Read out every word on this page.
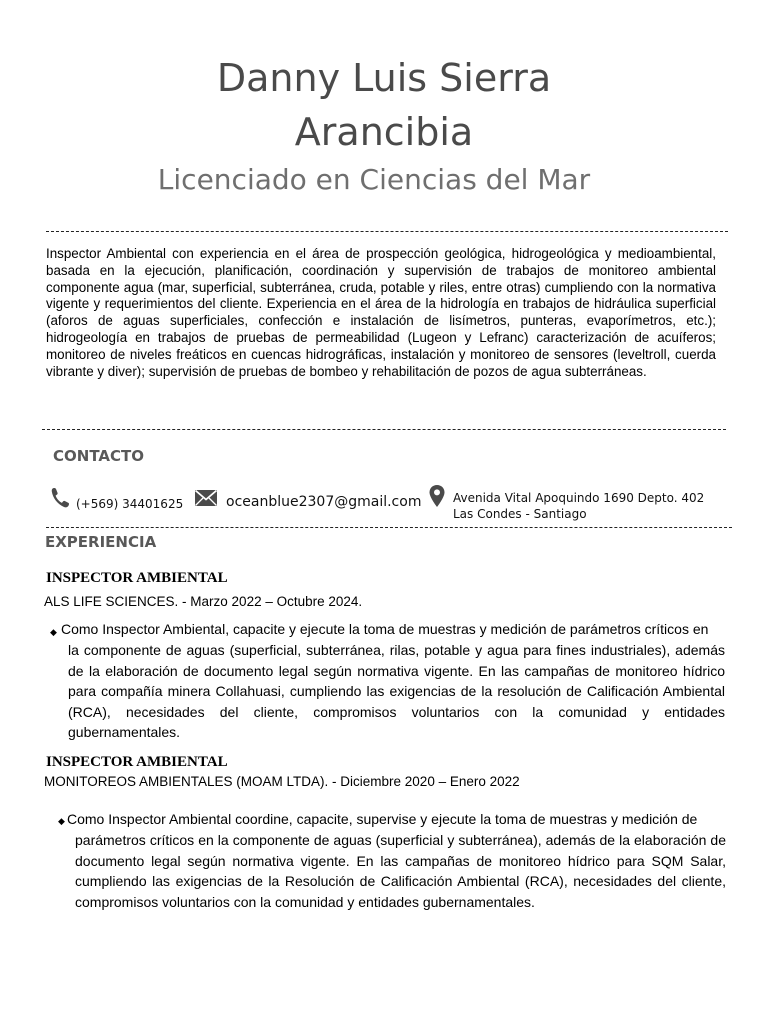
Danny Luis Sierra
Arancibia
Licenciado en Ciencias del Mar
Inspector Ambiental con experiencia en el área de prospección geológica, hidrogeológica y medioambiental, basada en la ejecución, planificación, coordinación y supervisión de trabajos de monitoreo ambiental componente agua (mar, superficial, subterránea, cruda, potable y riles, entre otras) cumpliendo con la normativa vigente y requerimientos del cliente. Experiencia en el área de la hidrología en trabajos de hidráulica superficial (aforos de aguas superficiales, confección e instalación de lisímetros, punteras, evaporímetros, etc.); hidrogeología en trabajos de pruebas de permeabilidad (Lugeon y Lefranc) caracterización de acuíferos; monitoreo de niveles freáticos en cuencas hidrográficas, instalación y monitoreo de sensores (leveltroll, cuerda vibrante y diver); supervisión de pruebas de bombeo y rehabilitación de pozos de agua subterráneas.
CONTACTO
(+569) 34401625	oceanblue2307@gmail.com	Avenida Vital Apoquindo 1690 Depto. 402
Las Condes - Santiago
EXPERIENCIA
INSPECTOR AMBIENTAL
ALS LIFE SCIENCES. - Marzo 2022 – Octubre 2024.
◆ Como Inspector Ambiental, capacite y ejecute la toma de muestras y medición de parámetros críticos en
la componente de aguas (superficial, subterránea, rilas, potable y agua para fines industriales), además de la elaboración de documento legal según normativa vigente. En las campañas de monitoreo hídrico para compañía minera Collahuasi, cumpliendo las exigencias de la resolución de Calificación Ambiental (RCA), necesidades del cliente, compromisos voluntarios con la comunidad y entidades gubernamentales.
INSPECTOR AMBIENTAL
MONITOREOS AMBIENTALES (MOAM LTDA). - Diciembre 2020 – Enero 2022
◆ Como Inspector Ambiental coordine, capacite, supervise y ejecute la toma de muestras y medición de
parámetros críticos en la componente de aguas (superficial y subterránea), además de la elaboración de documento legal según normativa vigente. En las campañas de monitoreo hídrico para SQM Salar, cumpliendo las exigencias de la Resolución de Calificación Ambiental (RCA), necesidades del cliente, compromisos voluntarios con la comunidad y entidades gubernamentales.
